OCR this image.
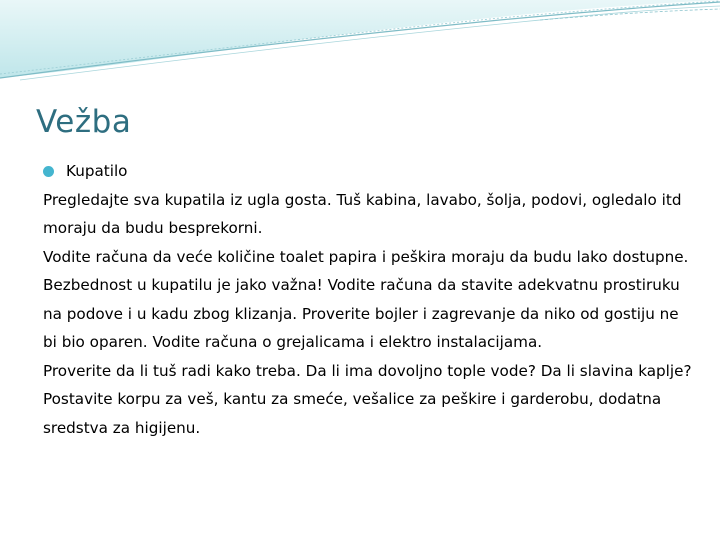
Vežba
Kupatilo

Pregledajte sva kupatila iz ugla gosta. Tuš kabina, lavabo, šolja, podovi, ogledalo itd moraju da budu besprekorni.

Vodite računa da veće količine toalet papira i peškira moraju da budu lako dostupne.

Bezbednost u kupatilu je jako važna! Vodite računa da stavite adekvatnu prostiruku na podove i u kadu zbog klizanja. Proverite bojler i zagrevanje da niko od gostiju ne bi bio oparen. Vodite računa o grejalicama i elektro instalacijama.

Proverite da li tuš radi kako treba. Da li ima dovoljno tople vode? Da li slavina kaplje?

Postavite korpu za veš, kantu za smeće, vešalice za peškire i garderobu, dodatna sredstva za higijenu.
